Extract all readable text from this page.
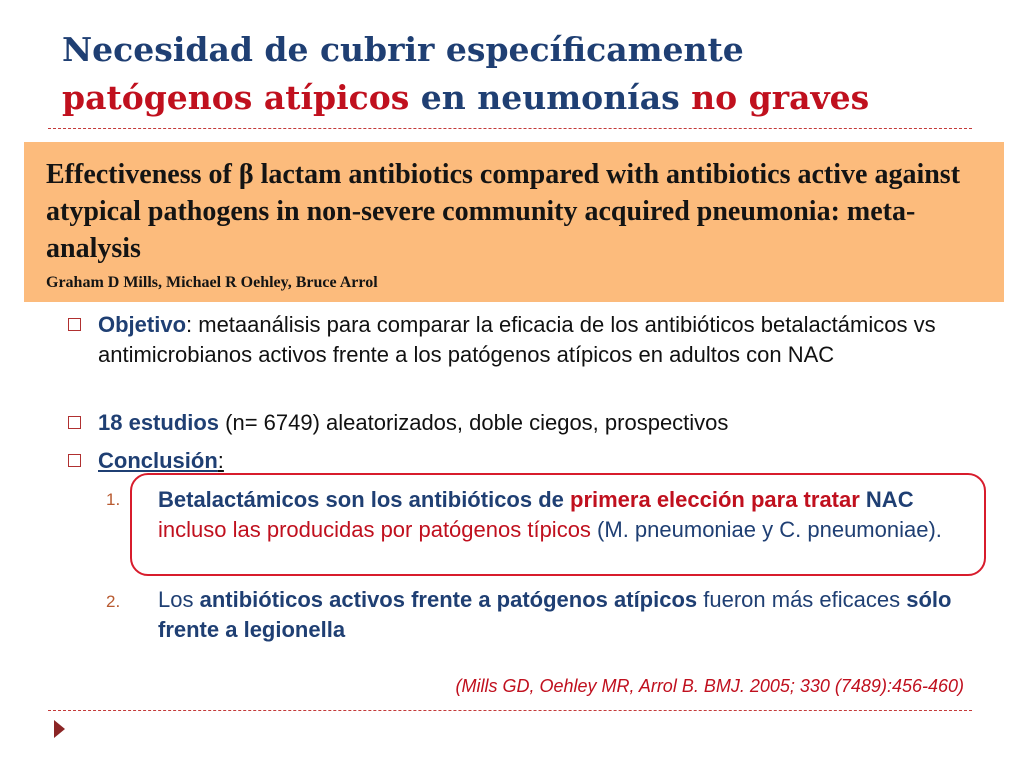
Necesidad de cubrir específicamente
patógenos atípicos en neumonías no graves
Effectiveness of β lactam antibiotics compared with antibiotics active against atypical pathogens in non-severe community acquired pneumonia: meta-analysis
Graham D Mills, Michael R Oehley, Bruce Arrol
Objetivo: metaanálisis para comparar la eficacia de los antibióticos betalactámicos vs antimicrobianos activos frente a los patógenos atípicos en adultos con NAC
18 estudios (n= 6749) aleatorizados, doble ciegos, prospectivos
Conclusión:
1.	Betalactámicos son los antibióticos de primera elección para tratar NAC incluso las producidas por patógenos típicos (M. pneumoniae y C. pneumoniae).
2.	Los antibióticos activos frente a patógenos atípicos fueron más eficaces sólo frente a legionella
(Mills GD, Oehley MR, Arrol B. BMJ. 2005; 330 (7489):456-460)
